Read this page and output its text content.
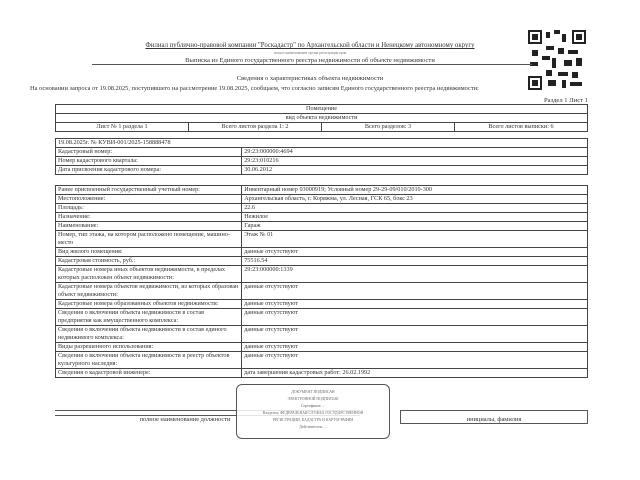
Филиал публично-правовой компании "Роскадастр" по Архангельской области и Ненецкому автономному округу
полное наименование органа регистрации прав
Выписка из Единого государственного реестра недвижимости об объекте недвижимости
Сведения о характеристиках объекта недвижимости
На основании запроса от 19.08.2025, поступившего на рассмотрение 19.08.2025, сообщаем, что согласно записям Единого государственного реестра недвижимости:
Раздел 1 Лист 1
Помещение
вид объекта недвижимости
Лист № 1 раздела 1	Всего листов раздела 1: 2	Всего разделов: 3	Всего листов выписки: 6
19.08.2025г. № КУВИ-001/2025-158888478	
Кадастровый номер:	29:23:000000:4694
Номер кадастрового квартала:	29:23:010216
Дата присвоения кадастрового номера:	30.06.2012
Ранее присвоенный государственный учетный номер:	Инвентарный номер 03000919; Условный номер 29-29-09/010/2010-300
Местоположение:	Архангельская область, г. Коряжма, ул. Лесная, ГСК 65, бокс 23
Площадь:	22.6
Назначение:	Нежилое
Наименование:	Гараж
Номер, тип этажа, на котором расположено помещение, машино-место	Этаж № 01
Вид жилого помещения:	данные отсутствуют
Кадастровая стоимость, руб.:	75516.54
Кадастровые номера иных объектов недвижимости, в пределах которых расположен объект недвижимости:	29:23:000000:1339
Кадастровые номера объектов недвижимости, из которых образован объект недвижимости:	данные отсутствуют
Кадастровые номера образованных объектов недвижимости:	данные отсутствуют
Сведения о включении объекта недвижимости в состав предприятия как имущественного комплекса:	данные отсутствуют
Сведения о включении объекта недвижимости в состав единого недвижимого комплекса:	данные отсутствуют
Виды разрешенного использования:	данные отсутствуют
Сведения о включении объекта недвижимости в реестр объектов культурного наследия:	данные отсутствуют
Сведения о кадастровой инженере:	дата завершения кадастровых работ: 26.02.1992
полное наименование должности	инициалы, фамилия
ДОКУМЕНТ ПОДПИСАН
ЭЛЕКТРОННОЙ ПОДПИСЬЮ
Сертификат: ...
Владелец: ФЕДЕРАЛЬНАЯ СЛУЖБА ГОСУДАРСТВЕННОЙ
РЕГИСТРАЦИИ, КАДАСТРА И КАРТОГРАФИИ
Действителен: ...
